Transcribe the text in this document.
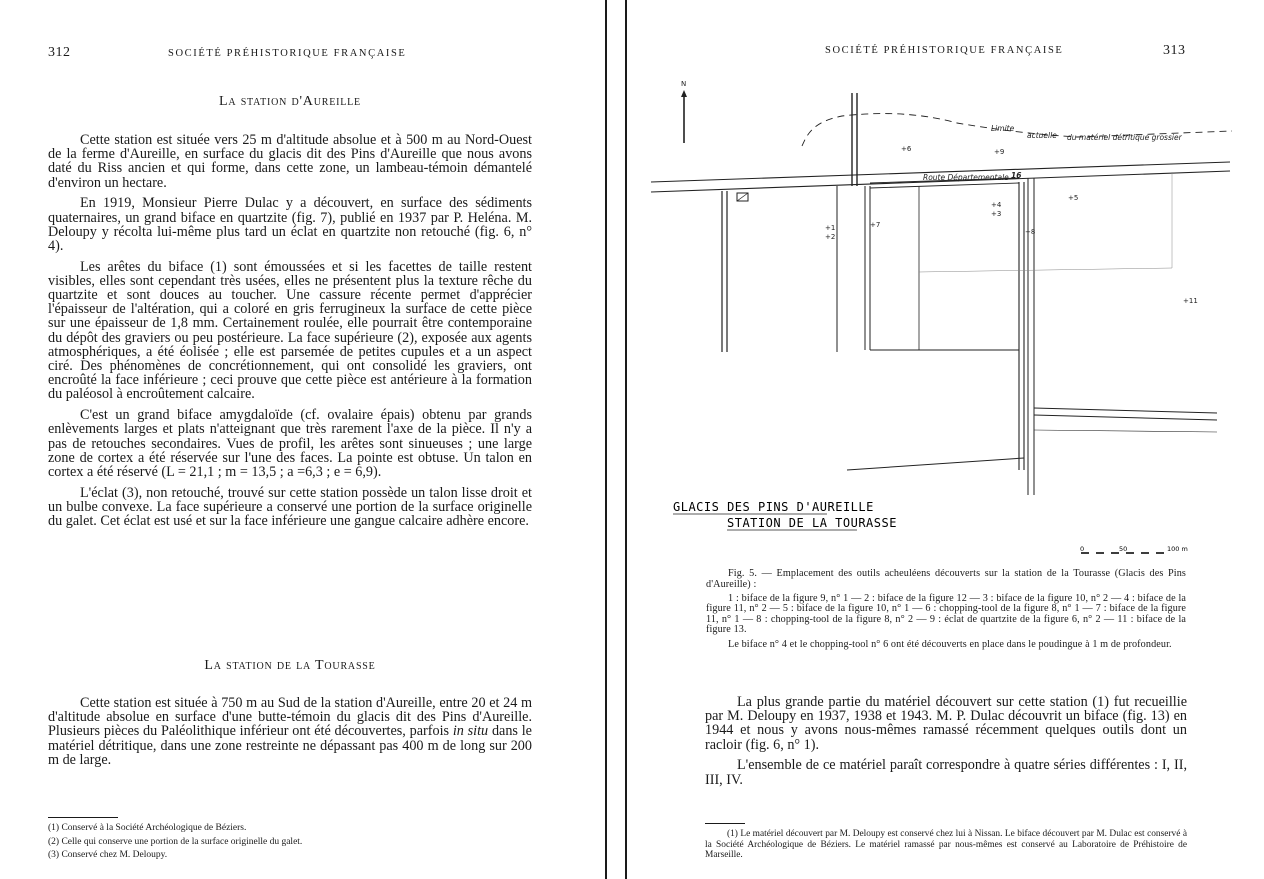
312	SOCIÉTÉ PRÉHISTORIQUE FRANÇAISE
La station d'Aureille

Cette station est située vers 25 m d'altitude absolue et à 500 m au Nord-Ouest de la ferme d'Aureille, en surface du glacis dit des Pins d'Aureille que nous avons daté du Riss ancien et qui forme, dans cette zone, un lambeau-témoin démantelé d'environ un hectare.

En 1919, Monsieur Pierre Dulac y a découvert, en surface des sédiments quaternaires, un grand biface en quartzite (fig. 7), publié en 1937 par P. Heléna. M. Deloupy y récolta lui-même plus tard un éclat en quartzite non retouché (fig. 6, n° 4).

Les arêtes du biface (1) sont émoussées et si les facettes de taille restent visibles, elles sont cependant très usées, elles ne présentent plus la texture rêche du quartzite et sont douces au toucher. Une cassure récente permet d'apprécier l'épaisseur de l'altération, qui a coloré en gris ferrugineux la surface de cette pièce sur une épaisseur de 1,8 mm. Certainement roulée, elle pourrait être contemporaine du dépôt des graviers ou peu postérieure. La face supérieure (2), exposée aux agents atmosphériques, a été éolisée ; elle est parsemée de petites cupules et a un aspect ciré. Des phénomènes de concrétionnement, qui ont consolidé les graviers, ont encroûté la face inférieure ; ceci prouve que cette pièce est antérieure à la formation du paléosol à encroûtement calcaire.

C'est un grand biface amygdaloïde (cf. ovalaire épais) obtenu par grands enlèvements larges et plats n'atteignant que très rarement l'axe de la pièce. Il n'y a pas de retouches secondaires. Vues de profil, les arêtes sont sinueuses ; une large zone de cortex a été réservée sur l'une des faces. La pointe est obtuse. Un talon en cortex a été réservé (L = 21,1 ; m = 13,5 ; a =6,3 ; e = 6,9).

L'éclat (3), non retouché, trouvé sur cette station possède un talon lisse droit et un bulbe convexe. La face supérieure a conservé une portion de la surface originelle du galet. Cet éclat est usé et sur la face inférieure une gangue calcaire adhère encore.

La station de la Tourasse

Cette station est située à 750 m au Sud de la station d'Aureille, entre 20 et 24 m d'altitude absolue en surface d'une butte-témoin du glacis dit des Pins d'Aureille. Plusieurs pièces du Paléolithique inférieur ont été découvertes, parfois in situ dans le matériel détritique, dans une zone restreinte ne dépassant pas 400 m de long sur 200 m de large.

(1) Conservé à la Société Archéologique de Béziers.

(2) Celle qui conserve une portion de la surface originelle du galet.

(3) Conservé chez M. Deloupy.

SOCIÉTÉ PRÉHISTORIQUE FRANÇAISE	313
N
Limite
actuelle du matériel détritique grossier
Route Départementale 16
+1
+2
+3
+4
+5
+6
+7
+8
+9
+11
GLACIS DES PINS D'AUREILLE
STATION DE LA TOURASSE
0	50	100 m

Fig. 5. — Emplacement des outils acheuléens découverts sur la station de la Tourasse (Glacis des Pins d'Aureille) :

1 : biface de la figure 9, n° 1 — 2 : biface de la figure 12 — 3 : biface de la figure 10, n° 2 — 4 : biface de la figure 11, n° 2 — 5 : biface de la figure 10, n° 1 — 6 : chopping-tool de la figure 8, n° 1 — 7 : biface de la figure 11, n° 1 — 8 : chopping-tool de la figure 8, n° 2 — 9 : éclat de quartzite de la figure 6, n° 2 — 11 : biface de la figure 13.

Le biface n° 4 et le chopping-tool n° 6 ont été découverts en place dans le poudingue à 1 m de profondeur.

La plus grande partie du matériel découvert sur cette station (1) fut recueillie par M. Deloupy en 1937, 1938 et 1943. M. P. Dulac découvrit un biface (fig. 13) en 1944 et nous y avons nous-mêmes ramassé récemment quelques outils dont un racloir (fig. 6, n° 1).

L'ensemble de ce matériel paraît correspondre à quatre séries différentes : I, II, III, IV.

(1) Le matériel découvert par M. Deloupy est conservé chez lui à Nissan. Le biface découvert par M. Dulac est conservé à la Société Archéologique de Béziers. Le matériel ramassé par nous-mêmes est conservé au Laboratoire de Préhistoire de Marseille.
